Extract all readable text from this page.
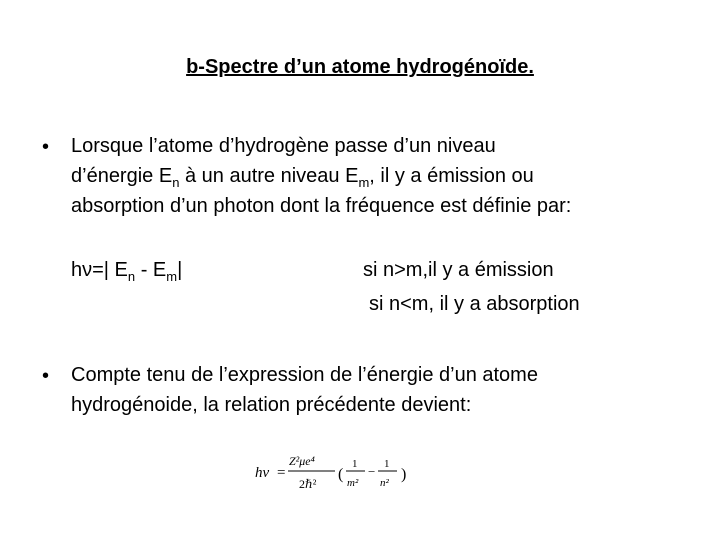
b-Spectre d’un atome hydrogénoïde.
• Lorsque l’atome d’hydrogène passe d’un niveau
d’énergie $E_n$ à un autre niveau $E_m$, il y a émission ou
absorption d’un photon dont la fréquence est définie par:
hν=| $E_n - E_m|$	si n>m,il y a émission
si n<m, il y a absorption
• Compte tenu de l’expression de l’énergie d’un atome
hydrogénoide, la relation précédente devient:
hν =
Z²μe⁴
2ℏ²
(
1
m²
− 1
n² )
